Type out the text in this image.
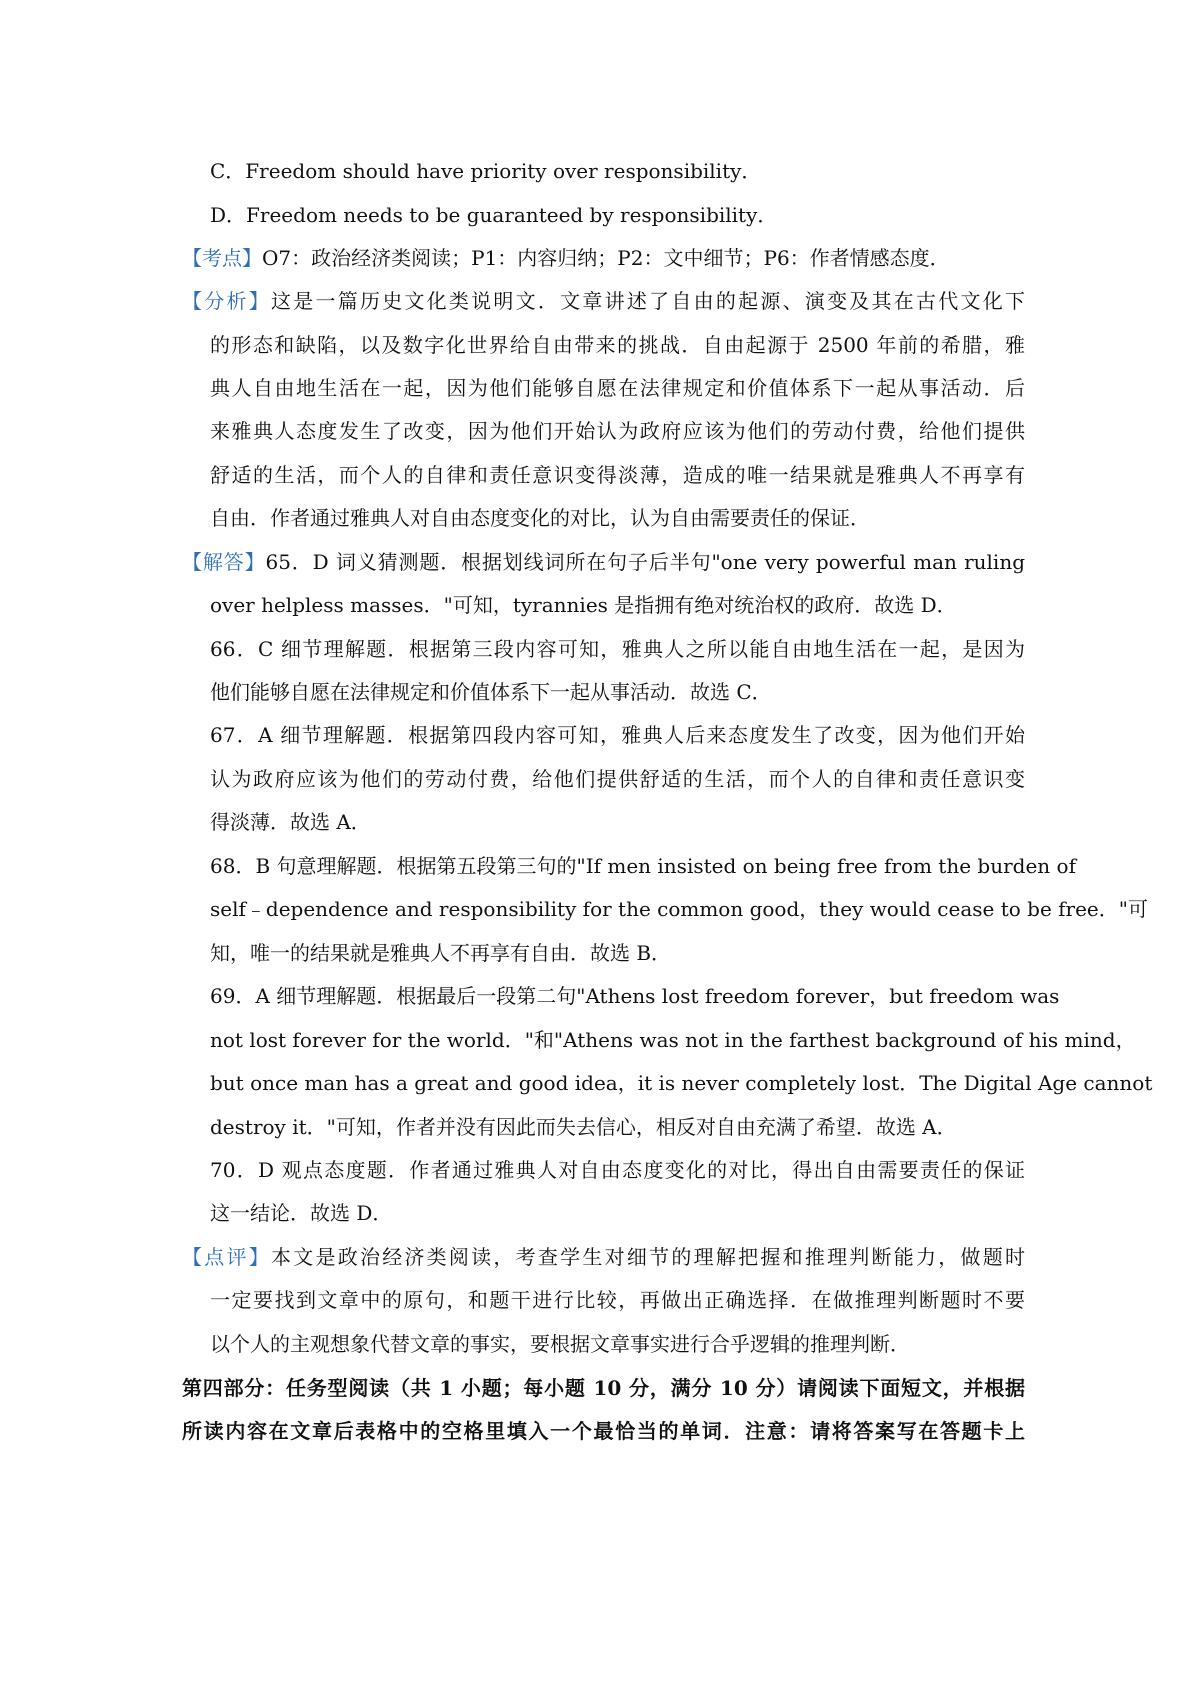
C．Freedom should have priority over responsibility．
D．Freedom needs to be guaranteed by responsibility．
【考点】O7：政治经济类阅读；P1：内容归纳；P2：文中细节；P6：作者情感态度．
【分析】这是一篇历史文化类说明文．文章讲述了自由的起源、演变及其在古代文化下
的形态和缺陷，以及数字化世界给自由带来的挑战．自由起源于 2500 年前的希腊，雅
典人自由地生活在一起，因为他们能够自愿在法律规定和价值体系下一起从事活动．后
来雅典人态度发生了改变，因为他们开始认为政府应该为他们的劳动付费，给他们提供
舒适的生活，而个人的自律和责任意识变得淡薄，造成的唯一结果就是雅典人不再享有
自由．作者通过雅典人对自由态度变化的对比，认为自由需要责任的保证．
【解答】65．D 词义猜测题．根据划线词所在句子后半句"one very powerful man ruling
over helpless masses．"可知，tyrannies 是指拥有绝对统治权的政府．故选 D．
66．C 细节理解题．根据第三段内容可知，雅典人之所以能自由地生活在一起，是因为
他们能够自愿在法律规定和价值体系下一起从事活动．故选 C．
67．A 细节理解题．根据第四段内容可知，雅典人后来态度发生了改变，因为他们开始
认为政府应该为他们的劳动付费，给他们提供舒适的生活，而个人的自律和责任意识变
得淡薄．故选 A．
68．B 句意理解题．根据第五段第三句的"If men insisted on being free from the burden of
self﹣dependence and responsibility for the common good，they would cease to be free．"可
知，唯一的结果就是雅典人不再享有自由．故选 B．
69．A 细节理解题．根据最后一段第二句"Athens lost freedom forever，but freedom was
not lost forever for the world．"和"Athens was not in the farthest background of his mind，
but once man has a great and good idea，it is never completely lost．The Digital Age cannot
destroy it．"可知，作者并没有因此而失去信心，相反对自由充满了希望．故选 A．
70．D 观点态度题．作者通过雅典人对自由态度变化的对比，得出自由需要责任的保证
这一结论．故选 D．
【点评】本文是政治经济类阅读，考查学生对细节的理解把握和推理判断能力，做题时
一定要找到文章中的原句，和题干进行比较，再做出正确选择．在做推理判断题时不要
以个人的主观想象代替文章的事实，要根据文章事实进行合乎逻辑的推理判断．
第四部分：任务型阅读（共 1 小题；每小题 10 分，满分 10 分）请阅读下面短文，并根据
所读内容在文章后表格中的空格里填入一个最恰当的单词．注意：请将答案写在答题卡上
